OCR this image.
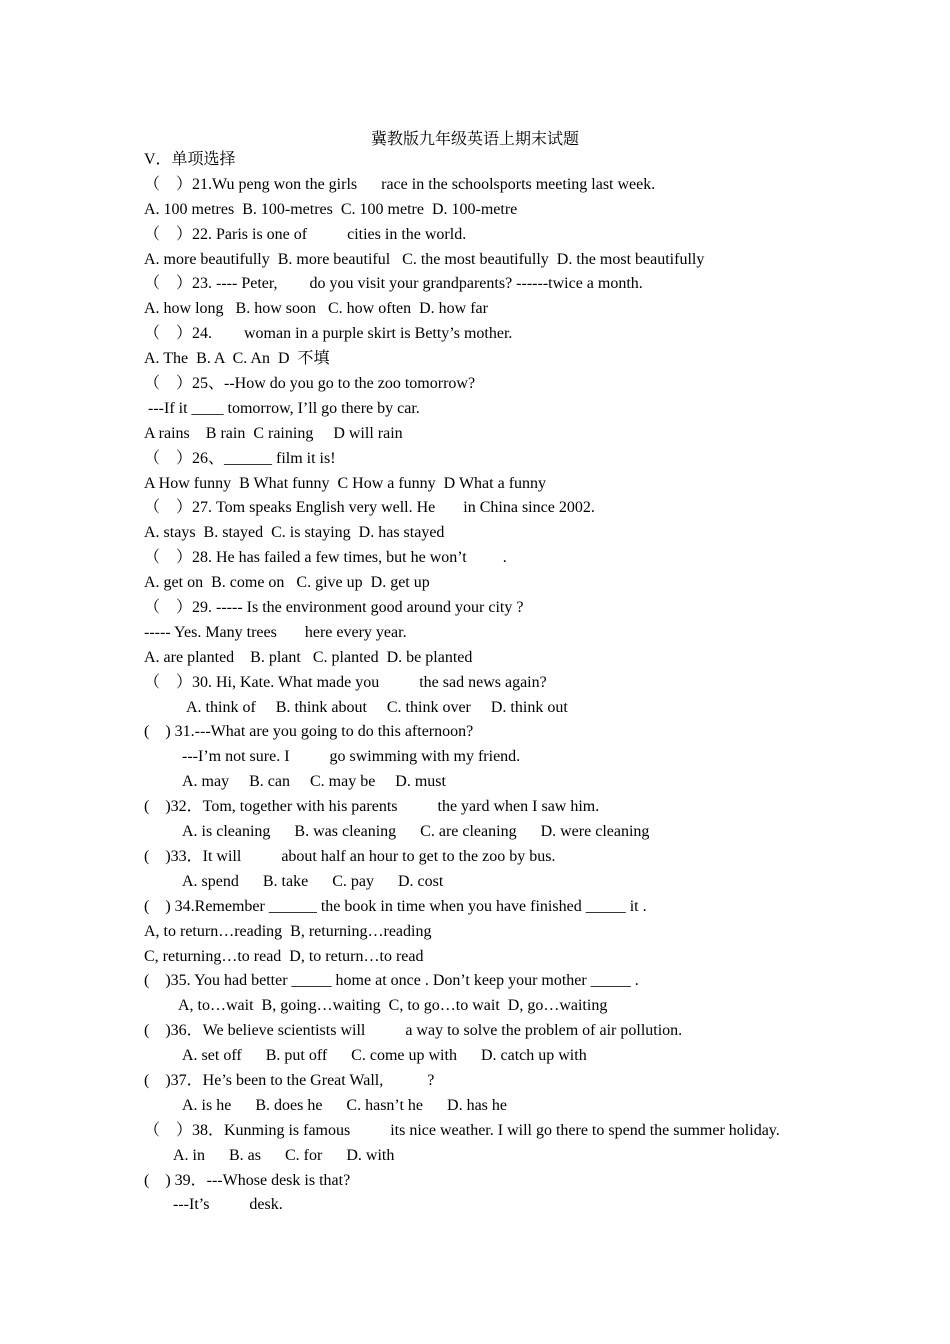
冀教版九年级英语上期末试题
V．单项选择
（　）21.Wu peng won the girls      race in the schoolsports meeting last week.
A. 100 metres  B. 100-metres  C. 100 metre  D. 100-metre
（　）22. Paris is one of          cities in the world.
A. more beautifully  B. more beautiful   C. the most beautifully  D. the most beautifully
（　）23. ---- Peter,        do you visit your grandparents? ------twice a month.
A. how long   B. how soon   C. how often  D. how far
（　）24.        woman in a purple skirt is Betty’s mother.
A. The  B. A  C. An  D  不填
（　）25、--How do you go to the zoo tomorrow?
---If it ____ tomorrow, I’ll go there by car.
A rains    B rain  C raining     D will rain
（　）26、______ film it is!
A How funny  B What funny  C How a funny  D What a funny
（　）27. Tom speaks English very well. He       in China since 2002.
A. stays  B. stayed  C. is staying  D. has stayed
（　）28. He has failed a few times, but he won’t         .
A. get on  B. come on   C. give up  D. get up
（　）29. ----- Is the environment good around your city ?
----- Yes. Many trees       here every year.
A. are planted    B. plant   C. planted  D. be planted
（　）30. Hi, Kate. What made you          the sad news again?
A. think of     B. think about     C. think over     D. think out
(    ) 31.---What are you going to do this afternoon?
---I’m not sure. I          go swimming with my friend.
A. may     B. can     C. may be     D. must
(    )32．Tom, together with his parents          the yard when I saw him.
A. is cleaning      B. was cleaning      C. are cleaning      D. were cleaning
(    )33．It will          about half an hour to get to the zoo by bus.
A. spend      B. take      C. pay      D. cost
(    ) 34.Remember ______ the book in time when you have finished _____ it .
A, to return…reading  B, returning…reading
C, returning…to read  D, to return…to read
(    )35. You had better _____ home at once . Don’t keep your mother _____ .
A, to…wait  B, going…waiting  C, to go…to wait  D, go…waiting
(    )36．We believe scientists will          a way to solve the problem of air pollution.
A. set off      B. put off      C. come up with      D. catch up with
(    )37．He’s been to the Great Wall,           ?
A. is he      B. does he      C. hasn’t he      D. has he
（　）38．Kunming is famous          its nice weather. I will go there to spend the summer holiday.
A. in      B. as      C. for      D. with
(    ) 39．---Whose desk is that?
---It’s          desk.
